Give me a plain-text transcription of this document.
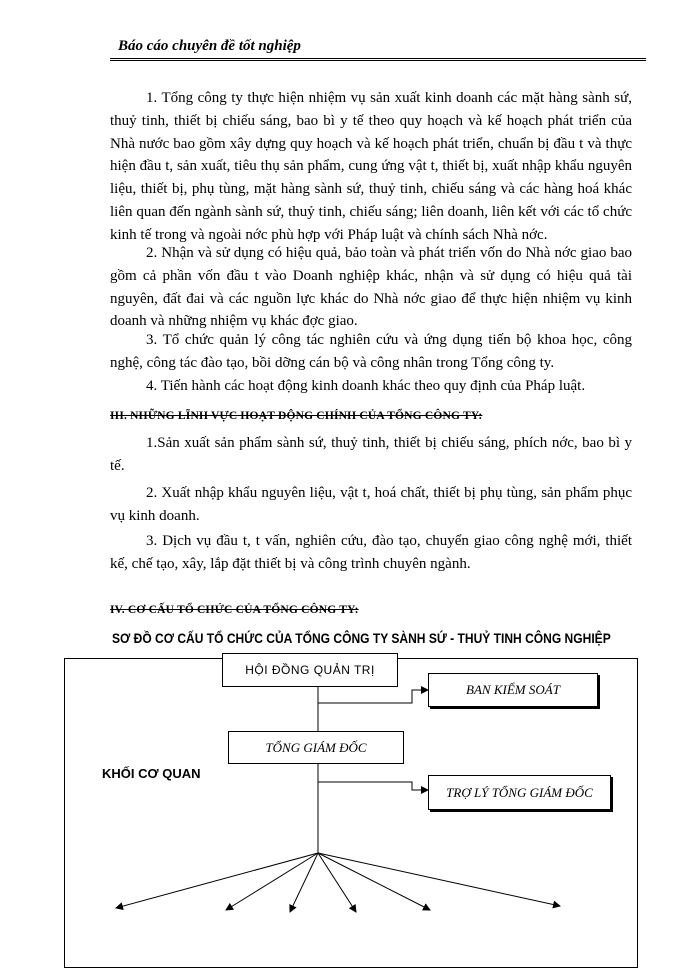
Báo cáo chuyên đề tốt nghiệp

1. Tổng công ty thực hiện nhiệm vụ sản xuất kinh doanh các mặt hàng sành sứ, thuỷ tinh, thiết bị chiếu sáng, bao bì y tế theo quy hoạch và kế hoạch phát triển của Nhà nước bao gồm xây dựng quy hoạch và kế hoạch phát triển, chuẩn bị đầu t và thực hiện đầu t, sản xuất, tiêu thụ sản phẩm, cung ứng vật t, thiết bị, xuất nhập khẩu nguyên liệu, thiết bị, phụ tùng, mặt hàng sành sứ, thuỷ tinh, chiếu sáng và các hàng hoá khác liên quan đến ngành sành sứ, thuỷ tinh, chiếu sáng; liên doanh, liên kết với các tổ chức kinh tế trong và ngoài nớc phù hợp với Pháp luật và chính sách Nhà nớc.

2. Nhận và sử dụng có hiệu quả, bảo toàn và phát triển vốn do Nhà nớc giao bao gồm cả phần vốn đầu t vào Doanh nghiệp khác, nhận và sử dụng có hiệu quả tài nguyên, đất đai và các nguồn lực khác do Nhà nớc giao để thực hiện nhiệm vụ kinh doanh và những nhiệm vụ khác đợc giao.

3. Tổ chức quản lý công tác nghiên cứu và ứng dụng tiến bộ khoa học, công nghệ, công tác đào tạo, bồi dỡng cán bộ và công nhân trong Tổng công ty.

4. Tiến hành các hoạt động kinh doanh khác theo quy định của Pháp luật.

III. NHỮNG LĨNH VỰC HOẠT ĐỘNG CHÍNH CỦA TỔNG CÔNG TY:

1.Sản xuất sản phẩm sành sứ, thuỷ tinh, thiết bị chiếu sáng, phích nớc, bao bì y tế.

2. Xuất nhập khẩu nguyên liệu, vật t, hoá chất, thiết bị phụ tùng, sản phẩm phục vụ kinh doanh.

3. Dịch vụ đầu t, t vấn, nghiên cứu, đào tạo, chuyển giao công nghệ mới, thiết kế, chế tạo, xây, lắp đặt thiết bị và công trình chuyên ngành.

IV. CƠ CẤU TỔ CHỨC CỦA TỔNG CÔNG TY:
SƠ ĐỒ CƠ CẤU TỔ CHỨC CỦA TỔNG CÔNG TY SÀNH SỨ - THUỶ TINH CÔNG NGHIỆP
HỘI ĐỒNG QUẢN TRỊ
BAN KIỂM SOÁT
TỔNG GIÁM ĐỐC
TRỢ LÝ TỔNG GIÁM ĐỐC
KHỐI CƠ QUAN
